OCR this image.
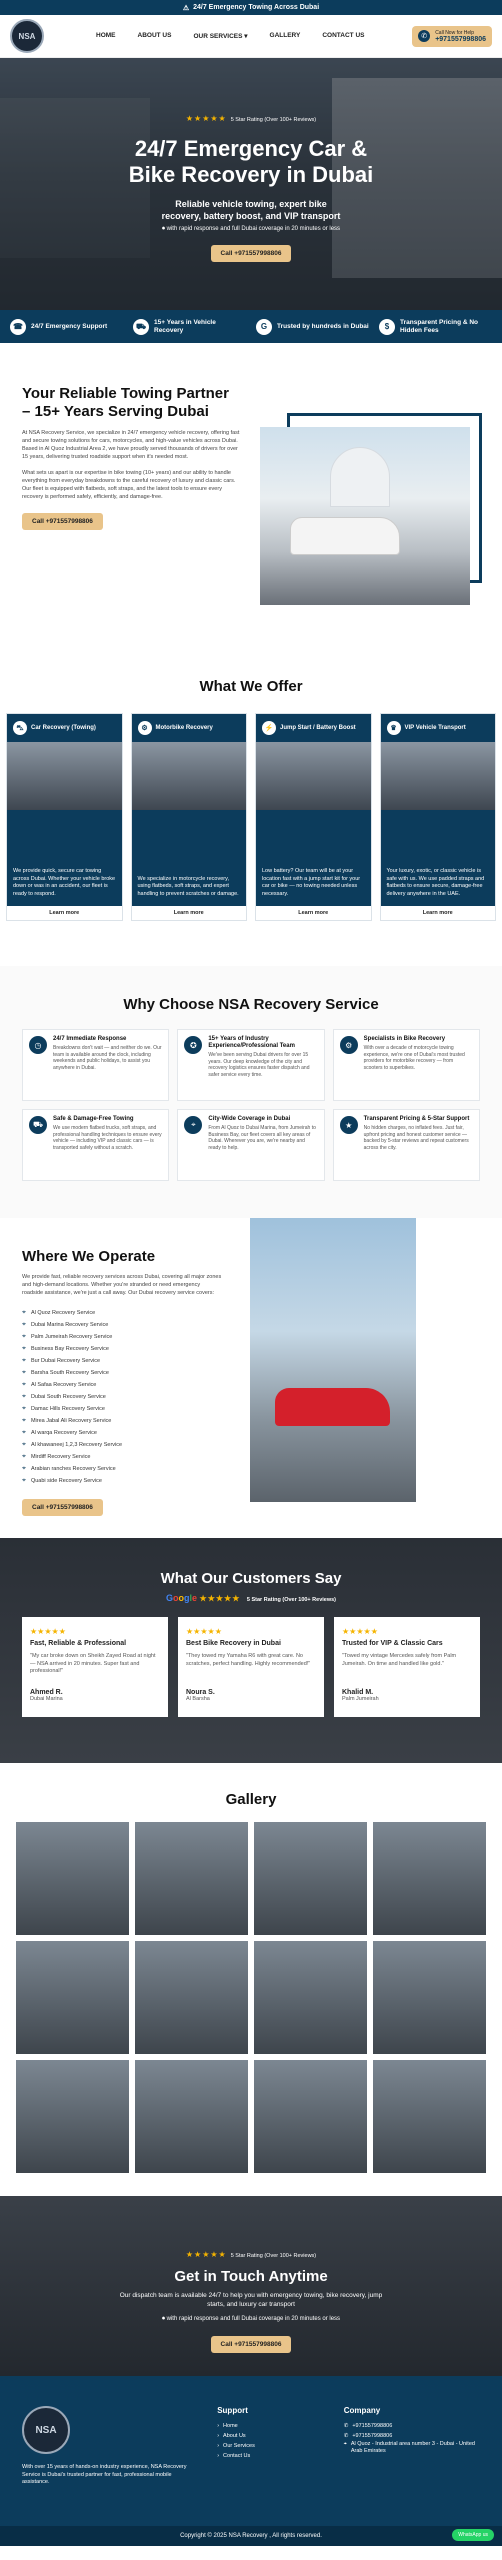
⚠ 24/7 Emergency Towing Across Dubai
NSA	HOME	ABOUT US	OUR SERVICES ▾	GALLERY	CONTACT US	✆
Call Now for Help
+971557998806
★★★★★ 5 Star Rating (Over 100+ Reviews)
24/7 Emergency Car &
Bike Recovery in Dubai
Reliable vehicle towing, expert bike
recovery, battery boost, and VIP transport
⏺ with rapid response and full Dubai coverage in 20 minutes or less
Call +971557998806
☎	24/7 Emergency Support	⛟	15+ Years in Vehicle Recovery	G	Trusted by hundreds in Dubai	$	Transparent Pricing & No Hidden Fees
Your Reliable Towing Partner – 15+ Years Serving Dubai

At NSA Recovery Service, we specialize in 24/7 emergency vehicle recovery, offering fast and secure towing solutions for cars, motorcycles, and high-value vehicles across Dubai. Based in Al Quoz Industrial Area 2, we have proudly served thousands of drivers for over 15 years, delivering trusted roadside support when it's needed most.

What sets us apart is our expertise in bike towing (10+ years) and our ability to handle everything from everyday breakdowns to the careful recovery of luxury and classic cars. Our fleet is equipped with flatbeds, soft straps, and the latest tools to ensure every recovery is performed safely, efficiently, and damage-free.

Call +971557998806
What We Offer
⛍	Car Recovery (Towing)
We provide quick, secure car towing across Dubai. Whether your vehicle broke down or was in an accident, our fleet is ready to respond.
Learn more
⚙	Motorbike Recovery
We specialize in motorcycle recovery, using flatbeds, soft straps, and expert handling to prevent scratches or damage.
Learn more
⚡	Jump Start / Battery Boost
Low battery? Our team will be at your location fast with a jump start kit for your car or bike — no towing needed unless necessary.
Learn more
♛	VIP Vehicle Transport
Your luxury, exotic, or classic vehicle is safe with us. We use padded straps and flatbeds to ensure secure, damage-free delivery anywhere in the UAE.
Learn more
Why Choose NSA Recovery Service
◷
24/7 Immediate Response
Breakdowns don't wait — and neither do we. Our team is available around the clock, including weekends and public holidays, to assist you anywhere in Dubai.
✪
15+ Years of Industry Experience/Professional Team
We've been serving Dubai drivers for over 15 years. Our deep knowledge of the city and recovery logistics ensures faster dispatch and safer service every time.
⚙
Specialists in Bike Recovery
With over a decade of motorcycle towing experience, we're one of Dubai's most trusted providers for motorbike recovery — from scooters to superbikes.
⛟
Safe & Damage-Free Towing
We use modern flatbed trucks, soft straps, and professional handling techniques to ensure every vehicle — including VIP and classic cars — is transported safely without a scratch.
⌖
City-Wide Coverage in Dubai
From Al Quoz to Dubai Marina, from Jumeirah to Business Bay, our fleet covers all key areas of Dubai. Wherever you are, we're nearby and ready to help.
★
Transparent Pricing & 5-Star Support
No hidden charges, no inflated fees. Just fair, upfront pricing and honest customer service — backed by 5-star reviews and repeat customers across the city.
Where We Operate

We provide fast, reliable recovery services across Dubai, covering all major zones and high-demand locations. Whether you're stranded or need emergency roadside assistance, we're just a call away. Our Dubai recovery service covers:

⌖ Al Quoz Recovery Service
⌖ Dubai Marina Recovery Service
⌖ Palm Jumeirah Recovery Service
⌖ Business Bay Recovery Service
⌖ Bur Dubai Recovery Service
⌖ Barsha South Recovery Service
⌖ Al Safaa Recovery Service
⌖ Dubai South Recovery Service
⌖ Damac Hills Recovery Service
⌖ Mirea Jabal Ali Recovery Service
⌖ Al warqa Recovery Service
⌖ Al khawaneej 1,2,3 Recovery Service
⌖ Mirdiff Recovery Service
⌖ Arabian ranches Recovery Service
⌖ Quabi side Recovery Service
Call +971557998806
What Our Customers Say
Google ★★★★★ 5 Star Rating (Over 100+ Reviews)
★★★★★
Fast, Reliable & Professional
"My car broke down on Sheikh Zayed Road at night — NSA arrived in 20 minutes. Super fast and professional!"
Ahmed R.
Dubai Marina
★★★★★
Best Bike Recovery in Dubai
"They towed my Yamaha R6 with great care. No scratches, perfect handling. Highly recommended!"
Noura S.
Al Barsha
★★★★★
Trusted for VIP & Classic Cars
"Towed my vintage Mercedes safely from Palm Jumeirah. On time and handled like gold."
Khalid M.
Palm Jumeirah
Gallery
★★★★★ 5 Star Rating (Over 100+ Reviews)
Get in Touch Anytime

Our dispatch team is available 24/7 to help you with emergency towing, bike recovery, jump
starts, and luxury car transport

⏺ with rapid response and full Dubai coverage in 20 minutes or less

Call +971557998806
NSA

With over 15 years of hands-on industry experience, NSA Recovery Service is Dubai's trusted partner for fast, professional mobile assistance.

Support
› Home
› About Us
› Our Services
› Contact Us
Company
✆ +971557998806
✆ +971557998806
⌖ Al Quoz - Industrial area number 3 - Dubai - United Arab Emirates
Copyright © 2025 NSA Recovery , All rights reserved.	WhatsApp us
